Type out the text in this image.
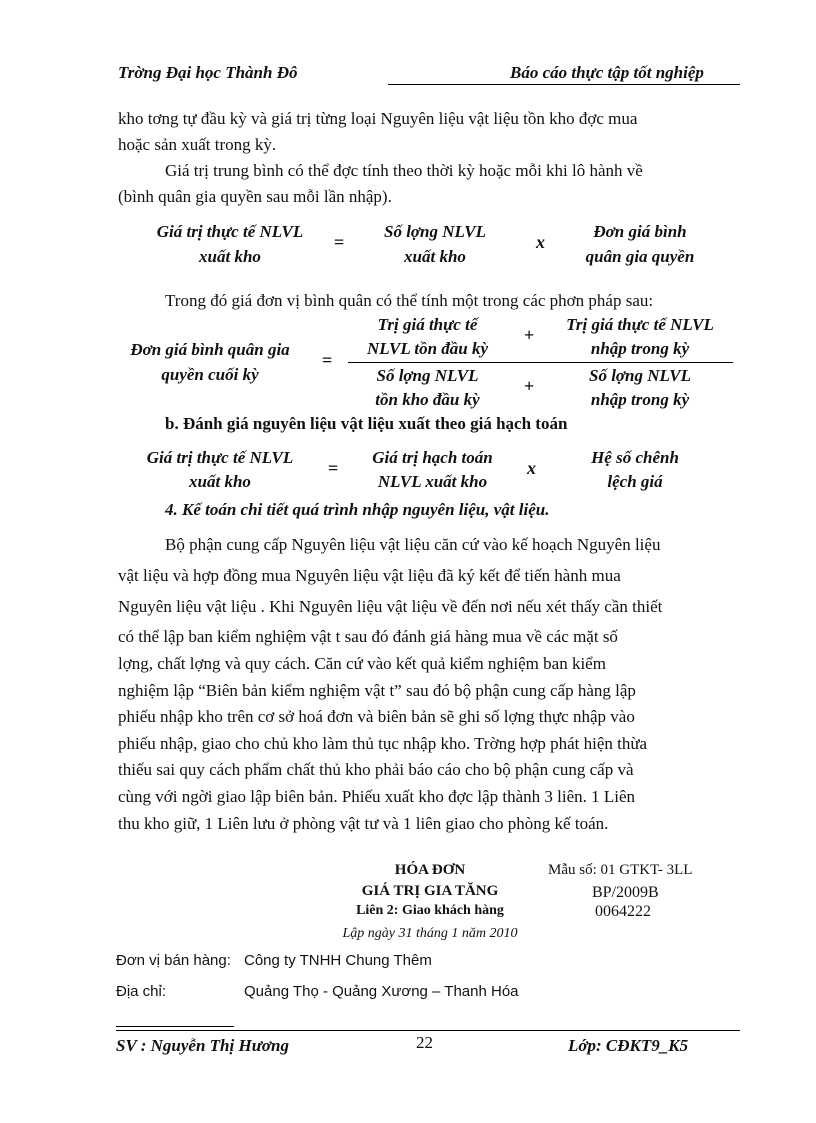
Trờng Đại học Thành Đô	Báo cáo thực tập tốt nghiệp
kho tơng tự đầu kỳ và giá trị từng loại Nguyên liệu vật liệu tồn kho đợc mua
hoặc sản xuất trong kỳ.
Giá trị trung bình có thể đợc tính theo thời kỳ hoặc mỗi khi lô hành về
(bình quân gia quyền sau mỗi lần nhập).
Giá trị thực tế NLVL
xuất kho
=
Số lợng NLVL
xuất kho
x
Đơn giá bình
quân gia quyền
Trong đó giá đơn vị bình quân có thể tính một trong các phơn pháp sau:
Đơn giá bình quân gia
quyền cuối kỳ
=
Trị giá thực tế
NLVL tồn đầu kỳ
+
Trị giá thực tế NLVL
nhập trong kỳ
Số lợng NLVL
tồn kho đầu kỳ
+
Số lợng NLVL
nhập trong kỳ
b. Đánh giá nguyên liệu vật liệu xuất theo giá hạch toán
Giá trị thực tế NLVL
xuất kho
=
Giá trị hạch toán
NLVL xuất kho
x
Hệ số chênh
lệch giá
4. Kế toán chi tiết quá trình nhập nguyên liệu, vật liệu.
Bộ phận cung cấp Nguyên liệu vật liệu căn cứ vào kế hoạch Nguyên liệu
vật liệu và hợp đồng mua Nguyên liệu vật liệu đã ký kết để tiến hành mua
Nguyên liệu vật liệu . Khi Nguyên liệu vật liệu về đến nơi nếu xét thấy cần thiết
có thể lập ban kiểm nghiệm vật t sau đó đánh giá hàng mua về các mặt số
lợng, chất lợng và quy cách. Căn cứ vào kết quả kiểm nghiệm ban kiểm
nghiệm lập “Biên bản kiểm nghiệm vật t” sau đó bộ phận cung cấp hàng lập
phiếu nhập kho trên cơ sở hoá đơn và biên bản sẽ ghi số lợng thực nhập vào
phiếu nhập, giao cho chủ kho làm thủ tục nhập kho. Trờng hợp phát hiện thừa
thiếu sai quy cách phẩm chất thủ kho phải báo cáo cho bộ phận cung cấp và
cùng với ngời giao lập biên bản. Phiếu xuất kho đợc lập thành 3 liên. 1 Liên
thu kho giữ, 1 Liên lưu ở phòng vật tư và 1 liên giao cho phòng kế toán.
HÓA ĐƠN
GIÁ TRỊ GIA TĂNG
Liên 2: Giao khách hàng
Lập ngày 31 tháng 1 năm 2010
Mẫu số: 01 GTKT- 3LL
BP/2009B
0064222
Đơn vị bán hàng: Công ty TNHH Chung Thêm
Địa chỉ:	Quảng Thọ - Quảng Xương – Thanh Hóa
SV : Nguyễn Thị Hương	22	Lớp: CĐKT9_K5
